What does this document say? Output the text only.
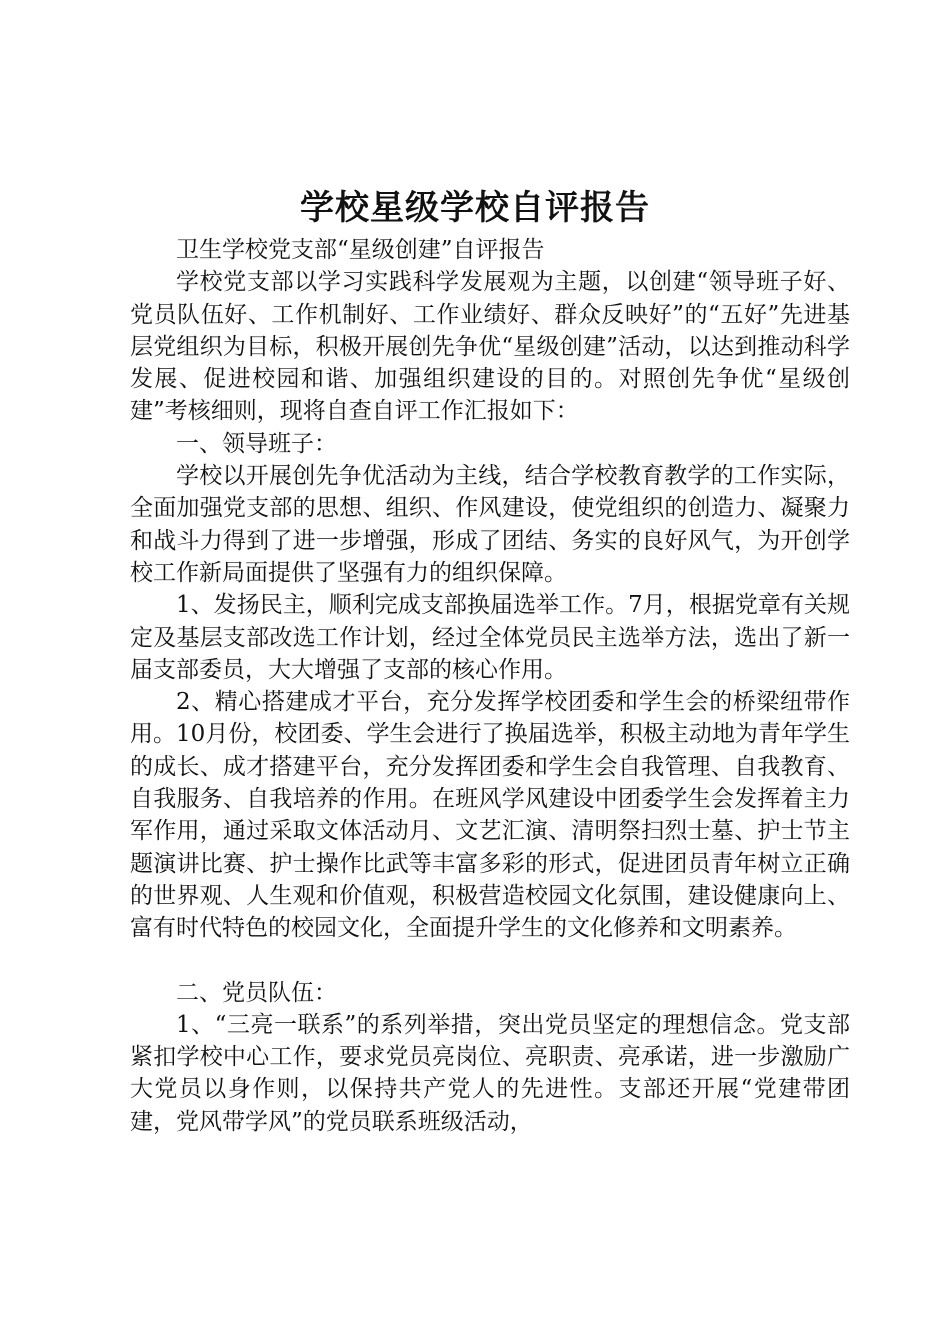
学校星级学校自评报告

卫生学校党支部“星级创建”自评报告

学校党支部以学习实践科学发展观为主题，以创建“领导班子好、党员队伍好、工作机制好、工作业绩好、群众反映好”的“五好”先进基层党组织为目标，积极开展创先争优“星级创建”活动，以达到推动科学发展、促进校园和谐、加强组织建设的目的。对照创先争优“星级创建”考核细则，现将自查自评工作汇报如下：

一、领导班子：

学校以开展创先争优活动为主线，结合学校教育教学的工作实际，全面加强党支部的思想、组织、作风建设，使党组织的创造力、凝聚力和战斗力得到了进一步增强，形成了团结、务实的良好风气，为开创学校工作新局面提供了坚强有力的组织保障。

1、发扬民主，顺利完成支部换届选举工作。7月，根据党章有关规定及基层支部改选工作计划，经过全体党员民主选举方法，选出了新一届支部委员，大大增强了支部的核心作用。

2、精心搭建成才平台，充分发挥学校团委和学生会的桥梁纽带作用。10月份，校团委、学生会进行了换届选举，积极主动地为青年学生的成长、成才搭建平台，充分发挥团委和学生会自我管理、自我教育、自我服务、自我培养的作用。在班风学风建设中团委学生会发挥着主力军作用，通过采取文体活动月、文艺汇演、清明祭扫烈士墓、护士节主题演讲比赛、护士操作比武等丰富多彩的形式，促进团员青年树立正确的世界观、人生观和价值观，积极营造校园文化氛围，建设健康向上、富有时代特色的校园文化，全面提升学生的文化修养和文明素养。

二、党员队伍：

1、“三亮一联系”的系列举措，突出党员坚定的理想信念。党支部紧扣学校中心工作，要求党员亮岗位、亮职责、亮承诺，进一步激励广大党员以身作则，以保持共产党人的先进性。支部还开展“党建带团建，党风带学风”的党员联系班级活动，
